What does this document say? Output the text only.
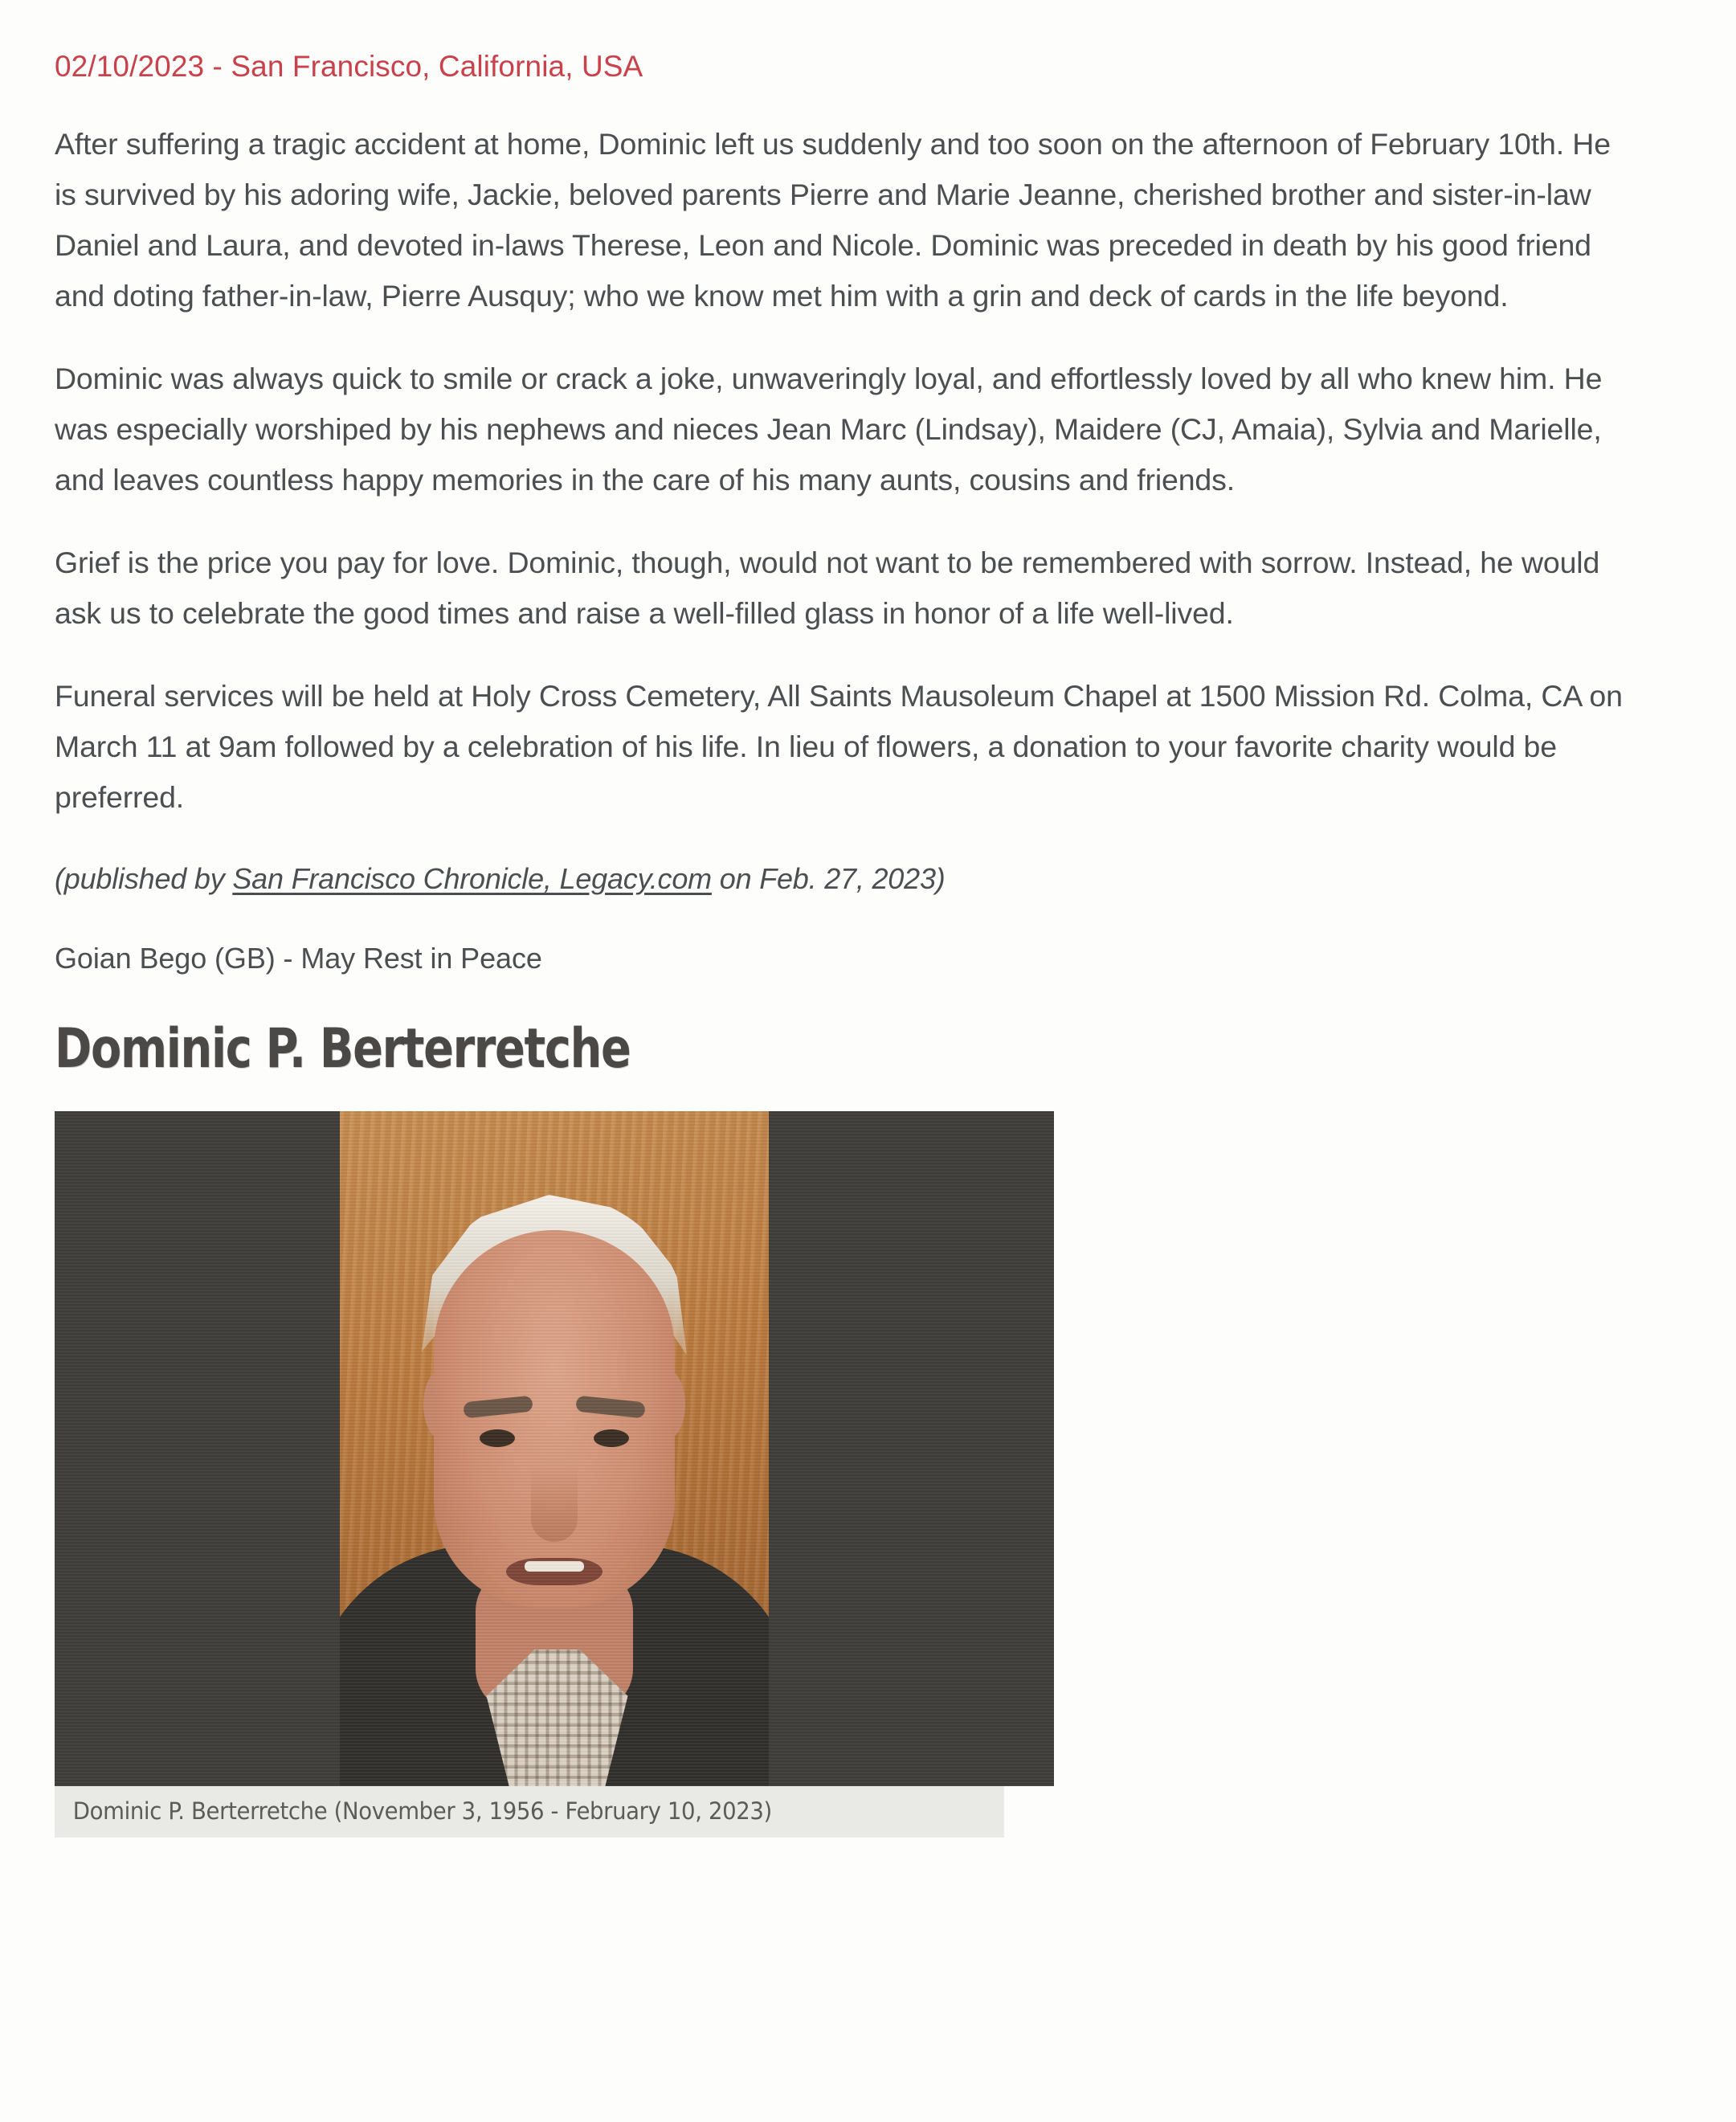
02/10/2023 - San Francisco, California, USA

After suffering a tragic accident at home, Dominic left us suddenly and too soon on the afternoon of February 10th. He is survived by his adoring wife, Jackie, beloved parents Pierre and Marie Jeanne, cherished brother and sister-in-law Daniel and Laura, and devoted in-laws Therese, Leon and Nicole. Dominic was preceded in death by his good friend and doting father-in-law, Pierre Ausquy; who we know met him with a grin and deck of cards in the life beyond.

Dominic was always quick to smile or crack a joke, unwaveringly loyal, and effortlessly loved by all who knew him. He was especially worshiped by his nephews and nieces Jean Marc (Lindsay), Maidere (CJ, Amaia), Sylvia and Marielle, and leaves countless happy memories in the care of his many aunts, cousins and friends.

Grief is the price you pay for love. Dominic, though, would not want to be remembered with sorrow. Instead, he would ask us to celebrate the good times and raise a well-filled glass in honor of a life well-lived.

Funeral services will be held at Holy Cross Cemetery, All Saints Mausoleum Chapel at 1500 Mission Rd. Colma, CA on March 11 at 9am followed by a celebration of his life. In lieu of flowers, a donation to your favorite charity would be preferred.

(published by San Francisco Chronicle, Legacy.com on Feb. 27, 2023)

Goian Bego (GB) - May Rest in Peace

Dominic P. Berterretche
Dominic P. Berterretche (November 3, 1956 - February 10, 2023)
